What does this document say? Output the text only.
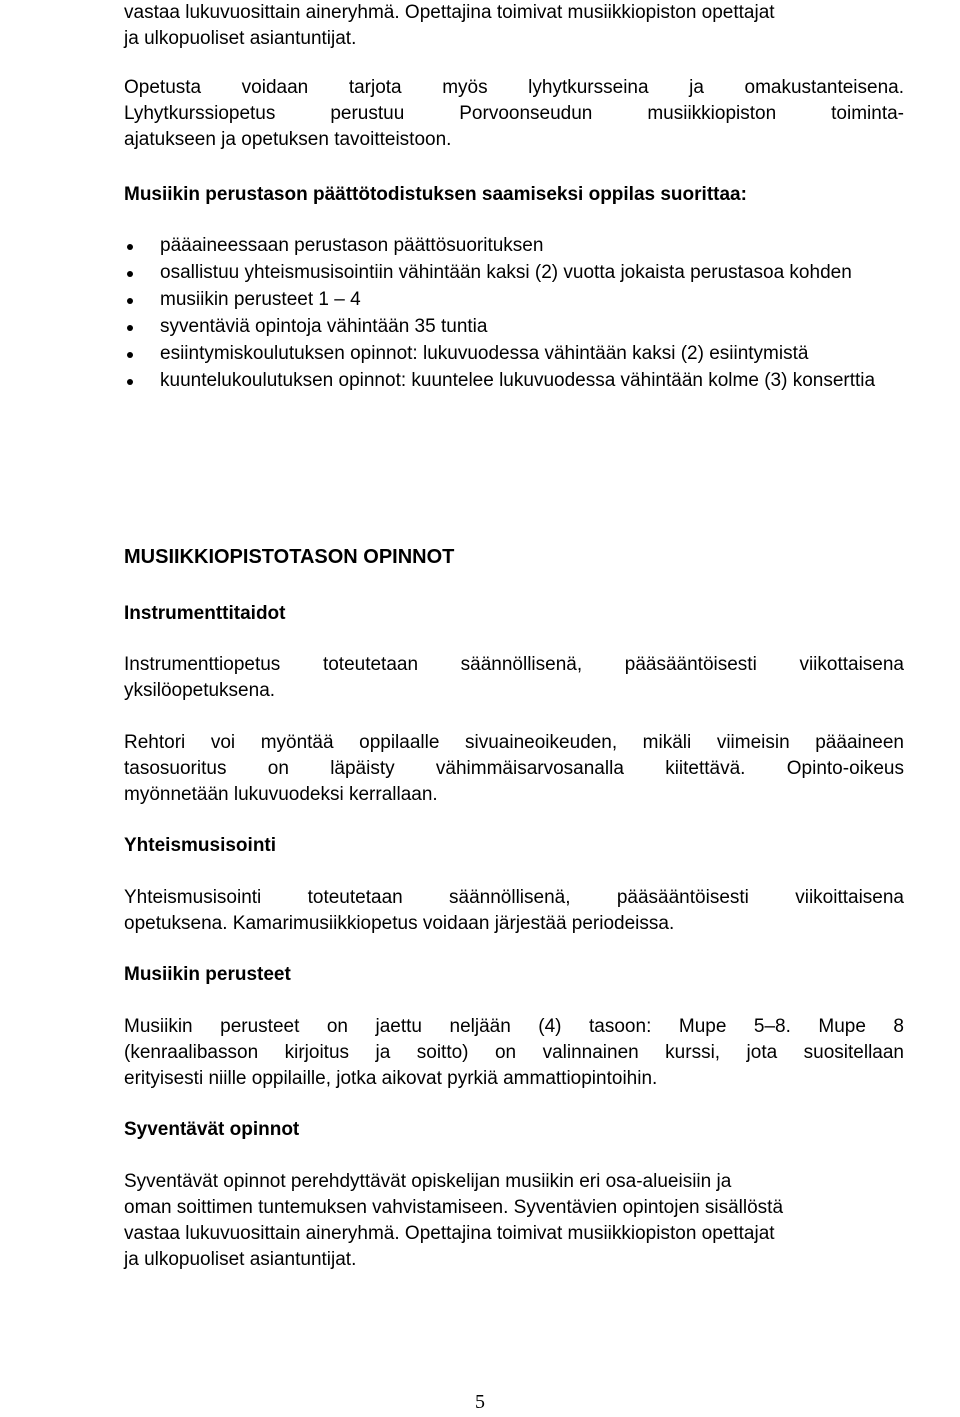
vastaa lukuvuosittain aineryhmä. Opettajina toimivat musiikkiopiston opettajat
ja ulkopuoliset asiantuntijat.

Opetusta voidaan tarjota myös lyhytkursseina ja omakustanteisena.
Lyhytkurssiopetus perustuu Porvoonseudun musiikkiopiston toiminta-
ajatukseen ja opetuksen tavoitteistoon.

Musiikin perustason päättötodistuksen saamiseksi oppilas suorittaa:
pääaineessaan perustason päättösuorituksen
osallistuu yhteismusisointiin vähintään kaksi (2) vuotta jokaista perustasoa kohden
musiikin perusteet 1 – 4
syventäviä opintoja vähintään 35 tuntia
esiintymiskoulutuksen opinnot: lukuvuodessa vähintään kaksi (2) esiintymistä
kuuntelukoulutuksen opinnot: kuuntelee lukuvuodessa vähintään kolme (3) konserttia
MUSIIKKIOPISTOTASON OPINNOT
Instrumenttitaidot

Instrumenttiopetus toteutetaan säännöllisenä, pääsääntöisesti viikottaisena
yksilöopetuksena.

Rehtori voi myöntää oppilaalle sivuaineoikeuden, mikäli viimeisin pääaineen
tasosuoritus on läpäisty vähimmäisarvosanalla kiitettävä. Opinto-oikeus
myönnetään lukuvuodeksi kerrallaan.

Yhteismusisointi

Yhteismusisointi toteutetaan säännöllisenä, pääsääntöisesti viikoittaisena
opetuksena. Kamarimusiikkiopetus voidaan järjestää periodeissa.

Musiikin perusteet

Musiikin perusteet on jaettu neljään (4) tasoon: Mupe 5–8. Mupe 8
(kenraalibasson kirjoitus ja soitto) on valinnainen kurssi, jota suositellaan
erityisesti niille oppilaille, jotka aikovat pyrkiä ammattiopintoihin.

Syventävät opinnot

Syventävät opinnot perehdyttävät opiskelijan musiikin eri osa-alueisiin ja
oman soittimen tuntemuksen vahvistamiseen. Syventävien opintojen sisällöstä
vastaa lukuvuosittain aineryhmä. Opettajina toimivat musiikkiopiston opettajat
ja ulkopuoliset asiantuntijat.

5
